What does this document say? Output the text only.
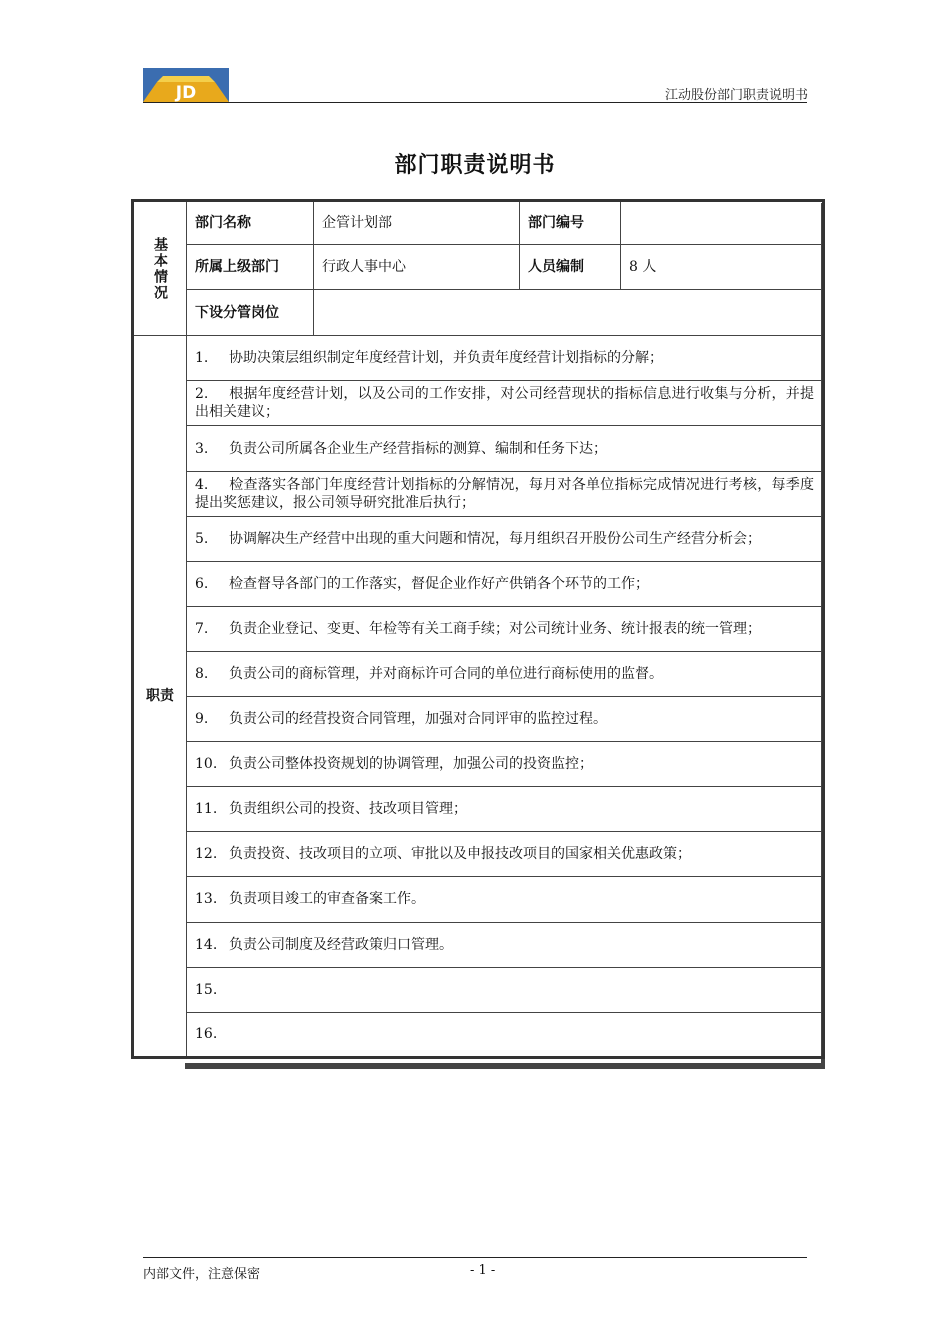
JD	江动股份部门职责说明书
部门职责说明书
基本情况	部门名称	企管计划部	部门编号	
	所属上级部门	行政人事中心	人员编制	8 人
	下设分管岗位			
职责	1. 协助决策层组织制定年度经营计划，并负责年度经营计划指标的分解；			
	2. 根据年度经营计划，以及公司的工作安排，对公司经营现状的指标信息进行收集与分析，并提出相关建议；			
	3. 负责公司所属各企业生产经营指标的测算、编制和任务下达；			
	4. 检查落实各部门年度经营计划指标的分解情况，每月对各单位指标完成情况进行考核，每季度提出奖惩建议，报公司领导研究批准后执行；			
	5. 协调解决生产经营中出现的重大问题和情况，每月组织召开股份公司生产经营分析会；			
	6. 检查督导各部门的工作落实，督促企业作好产供销各个环节的工作；			
	7. 负责企业登记、变更、年检等有关工商手续；对公司统计业务、统计报表的统一管理；			
	8. 负责公司的商标管理，并对商标许可合同的单位进行商标使用的监督。			
	9. 负责公司的经营投资合同管理，加强对合同评审的监控过程。			
	10. 负责公司整体投资规划的协调管理，加强公司的投资监控；			
	11. 负责组织公司的投资、技改项目管理；			
	12. 负责投资、技改项目的立项、审批以及申报技改项目的国家相关优惠政策；			
	13. 负责项目竣工的审查备案工作。			
	14. 负责公司制度及经营政策归口管理。			
	15.			
	16.			
内部文件，注意保密	- 1 -
